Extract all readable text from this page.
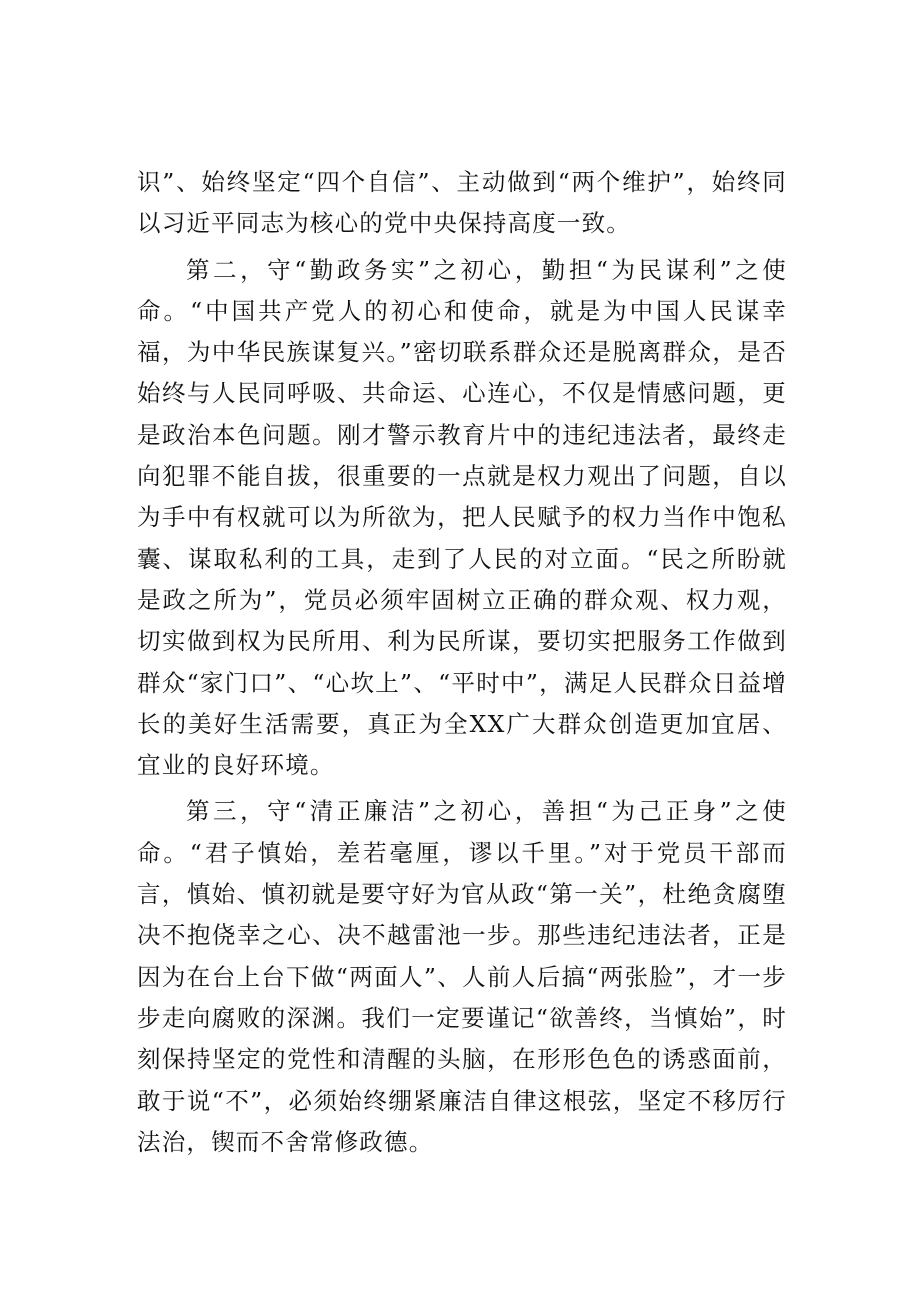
识”、始终坚定“四个自信”、主动做到“两个维护”，始终同以习近平同志为核心的党中央保持高度一致。

第二，守“勤政务实”之初心，勤担“为民谋利”之使命。“中国共产党人的初心和使命，就是为中国人民谋幸福，为中华民族谋复兴。”密切联系群众还是脱离群众，是否始终与人民同呼吸、共命运、心连心，不仅是情感问题，更是政治本色问题。刚才警示教育片中的违纪违法者，最终走向犯罪不能自拔，很重要的一点就是权力观出了问题，自以为手中有权就可以为所欲为，把人民赋予的权力当作中饱私囊、谋取私利的工具，走到了人民的对立面。“民之所盼就是政之所为”，党员必须牢固树立正确的群众观、权力观，切实做到权为民所用、利为民所谋，要切实把服务工作做到群众“家门口”、“心坎上”、“平时中”，满足人民群众日益增长的美好生活需要，真正为全XX广大群众创造更加宜居、宜业的良好环境。

第三，守“清正廉洁”之初心，善担“为己正身”之使命。“君子慎始，差若毫厘，谬以千里。”对于党员干部而言，慎始、慎初就是要守好为官从政“第一关”，杜绝贪腐堕决不抱侥幸之心、决不越雷池一步。那些违纪违法者，正是因为在台上台下做“两面人”、人前人后搞“两张脸”，才一步步走向腐败的深渊。我们一定要谨记“欲善终，当慎始”，时刻保持坚定的党性和清醒的头脑，在形形色色的诱惑面前，敢于说“不”，必须始终绷紧廉洁自律这根弦，坚定不移厉行法治，锲而不舍常修政德。
